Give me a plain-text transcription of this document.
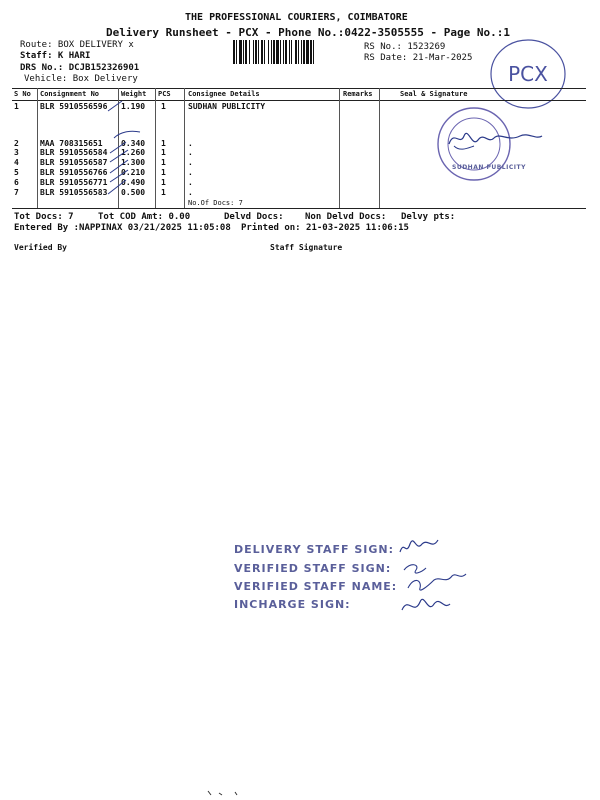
THE PROFESSIONAL COURIERS, COIMBATORE
Delivery Runsheet - PCX - Phone No.:0422-3505555 - Page No.:1
Route: BOX DELIVERY x
Staff: K HARI
DRS No.: DCJB152326901
Vehicle: Box Delivery
RS No.: 1523269
RS Date: 21-Mar-2025
PCX
S No Consignment No	Weight PCS Consignee Details	Remarks	Seal & Signature
1	BLR 5910556596 1.190 1	SUDHAN PUBLICITY
2	MAA 708315651 0.340 1	.
3	BLR 5910556584 1.260 1	.
4	BLR 5910556587 1.300 1	.
5	BLR 5910556766 0.210 1	.
6	BLR 5910556771 0.490 1	.
7	BLR 5910556583 0.500 1	.
No.Of Docs: 7
SUDHAN PUBLICITY
Tot Docs: 7	Tot COD Amt: 0.00	Delvd Docs: Non Delvd Docs: Delvy pts:
Entered By :NAPPINAX 03/21/2025 11:05:08 Printed on: 21-03-2025 11:06:15
Verified By	Staff Signature
DELIVERY STAFF SIGN:
VERIFIED STAFF SIGN:
VERIFIED STAFF NAME:
INCHARGE SIGN:
